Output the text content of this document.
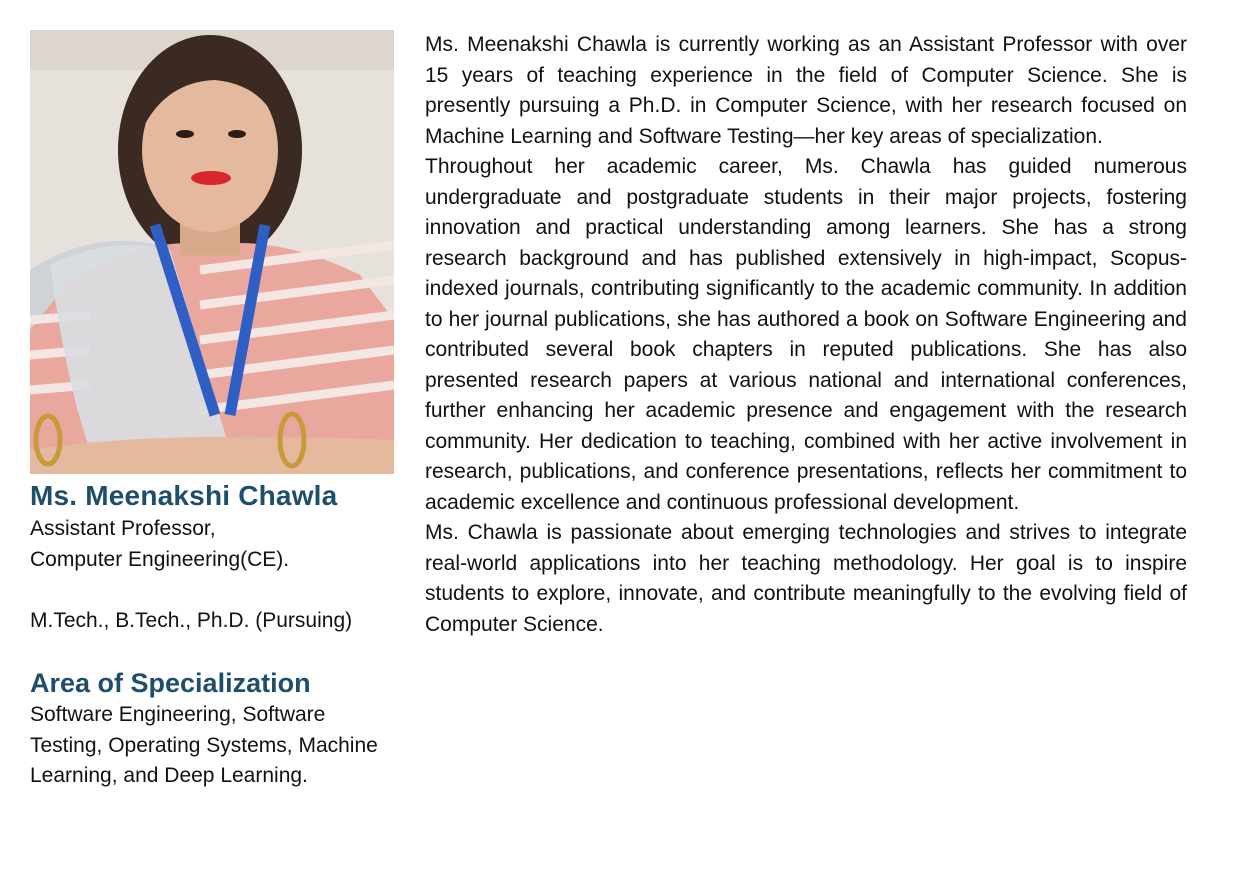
Ms. Meenakshi Chawla

Assistant Professor,

Computer Engineering(CE).

M.Tech., B.Tech., Ph.D. (Pursuing)

Area of Specialization

Software Engineering, Software Testing, Operating Systems, Machine Learning, and Deep Learning.

Ms. Meenakshi Chawla is currently working as an Assistant Professor with over 15 years of teaching experience in the field of Computer Science. She is presently pursuing a Ph.D. in Computer Science, with her research focused on Machine Learning and Software Testing—her key areas of specialization.

Throughout her academic career, Ms. Chawla has guided numerous undergraduate and postgraduate students in their major projects, fostering innovation and practical understanding among learners. She has a strong research background and has published extensively in high-impact, Scopus-indexed journals, contributing significantly to the academic community. In addition to her journal publications, she has authored a book on Software Engineering and contributed several book chapters in reputed publications. She has also presented research papers at various national and international conferences, further enhancing her academic presence and engagement with the research community. Her dedication to teaching, combined with her active involvement in research, publications, and conference presentations, reflects her commitment to academic excellence and continuous professional development.

Ms. Chawla is passionate about emerging technologies and strives to integrate real-world applications into her teaching methodology. Her goal is to inspire students to explore, innovate, and contribute meaningfully to the evolving field of Computer Science.
